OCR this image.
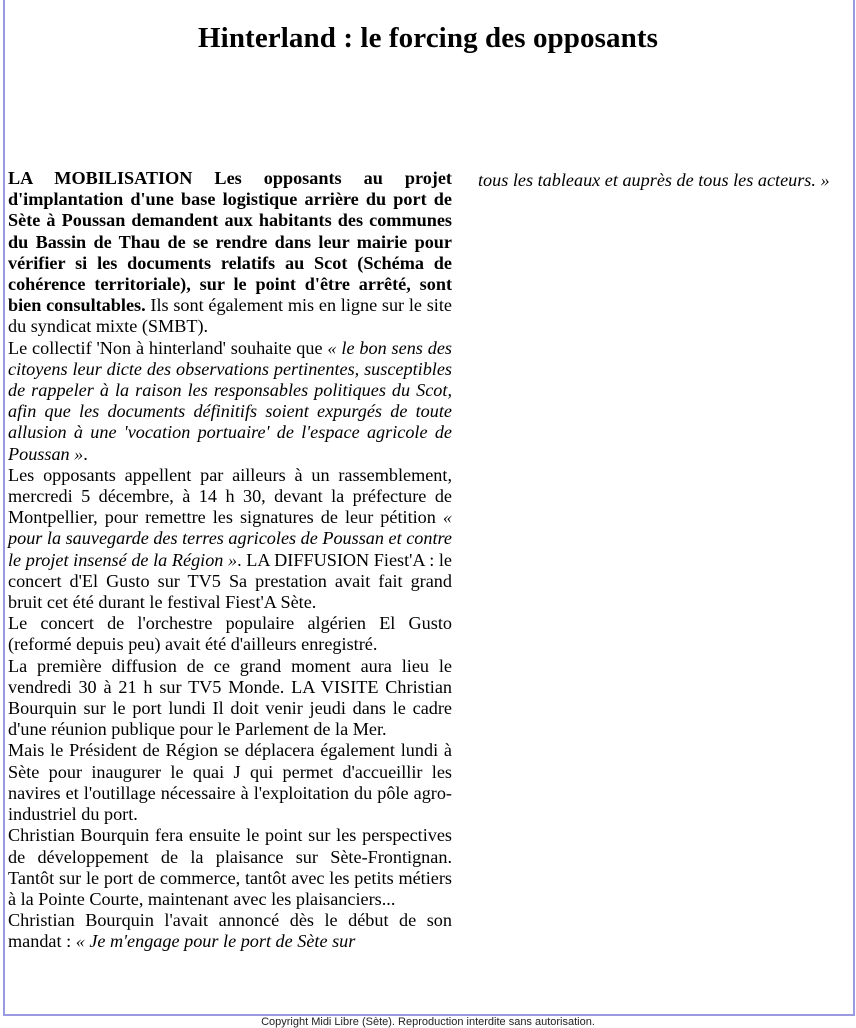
Hinterland : le forcing des opposants

LA MOBILISATION Les opposants au projet d'implantation d'une base logistique arrière du port de Sète à Poussan demandent aux habitants des communes du Bassin de Thau de se rendre dans leur mairie pour vérifier si les documents relatifs au Scot (Schéma de cohérence territoriale), sur le point d'être arrêté, sont bien consultables. Ils sont également mis en ligne sur le site du syndicat mixte (SMBT).

Le collectif 'Non à hinterland' souhaite que « le bon sens des citoyens leur dicte des observations pertinentes, susceptibles de rappeler à la raison les responsables politiques du Scot, afin que les documents définitifs soient expurgés de toute allusion à une 'vocation portuaire' de l'espace agricole de Poussan ».

Les opposants appellent par ailleurs à un rassemblement, mercredi 5 décembre, à 14 h 30, devant la préfecture de Montpellier, pour remettre les signatures de leur pétition « pour la sauvegarde des terres agricoles de Poussan et contre le projet insensé de la Région ». LA DIFFUSION Fiest'A : le concert d'El Gusto sur TV5 Sa prestation avait fait grand bruit cet été durant le festival Fiest'A Sète.

Le concert de l'orchestre populaire algérien El Gusto (reformé depuis peu) avait été d'ailleurs enregistré.

La première diffusion de ce grand moment aura lieu le vendredi 30 à 21 h sur TV5 Monde. LA VISITE Christian Bourquin sur le port lundi Il doit venir jeudi dans le cadre d'une réunion publique pour le Parlement de la Mer.

Mais le Président de Région se déplacera également lundi à Sète pour inaugurer le quai J qui permet d'accueillir les navires et l'outillage nécessaire à l'exploitation du pôle agro-industriel du port.

Christian Bourquin fera ensuite le point sur les perspectives de développement de la plaisance sur Sète-Frontignan. Tantôt sur le port de commerce, tantôt avec les petits métiers à la Pointe Courte, maintenant avec les plaisanciers...

Christian Bourquin l'avait annoncé dès le début de son mandat : « Je m'engage pour le port de Sète sur

tous les tableaux et auprès de tous les acteurs. »
Copyright Midi Libre (Sète). Reproduction interdite sans autorisation.
